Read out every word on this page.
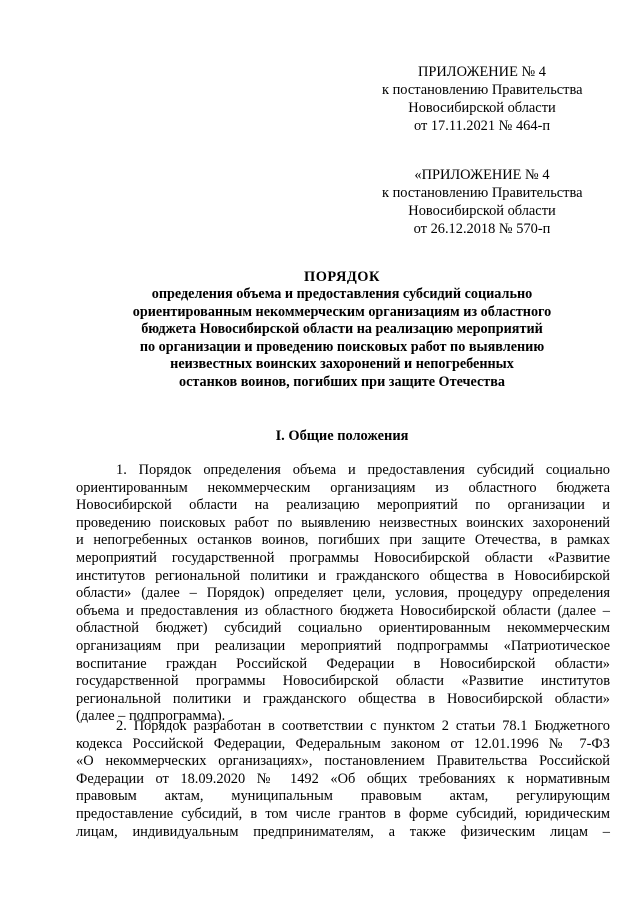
ПРИЛОЖЕНИЕ № 4
к постановлению Правительства
Новосибирской области
от 17.11.2021 № 464-п
«ПРИЛОЖЕНИЕ № 4
к постановлению Правительства
Новосибирской области
от 26.12.2018 № 570-п
ПОРЯДОК
определения объема и предоставления субсидий социально
ориентированным некоммерческим организациям из областного
бюджета Новосибирской области на реализацию мероприятий
по организации и проведению поисковых работ по выявлению
неизвестных воинских захоронений и непогребенных
останков воинов, погибших при защите Отечества
I. Общие положения
1. Порядок определения объема и предоставления субсидий социально
ориентированным некоммерческим организациям из областного бюджета
Новосибирской области на реализацию мероприятий по организации и
проведению поисковых работ по выявлению неизвестных воинских захоронений
и непогребенных останков воинов, погибших при защите Отечества, в рамках
мероприятий государственной программы Новосибирской области «Развитие
институтов региональной политики и гражданского общества в Новосибирской
области» (далее – Порядок) определяет цели, условия, процедуру определения
объема и предоставления из областного бюджета Новосибирской области (далее –
областной бюджет) субсидий социально ориентированным некоммерческим
организациям при реализации мероприятий подпрограммы «Патриотическое
воспитание граждан Российской Федерации в Новосибирской области»
государственной программы Новосибирской области «Развитие институтов
региональной политики и гражданского общества в Новосибирской области»
(далее – подпрограмма).
2. Порядок разработан в соответствии с пунктом 2 статьи 78.1 Бюджетного
кодекса Российской Федерации, Федеральным законом от 12.01.1996 № 7-ФЗ
«О некоммерческих организациях», постановлением Правительства Российской
Федерации от 18.09.2020 № 1492 «Об общих требованиях к нормативным
правовым актам, муниципальным правовым актам, регулирующим
предоставление субсидий, в том числе грантов в форме субсидий, юридическим
лицам, индивидуальным предпринимателям, а также физическим лицам –
